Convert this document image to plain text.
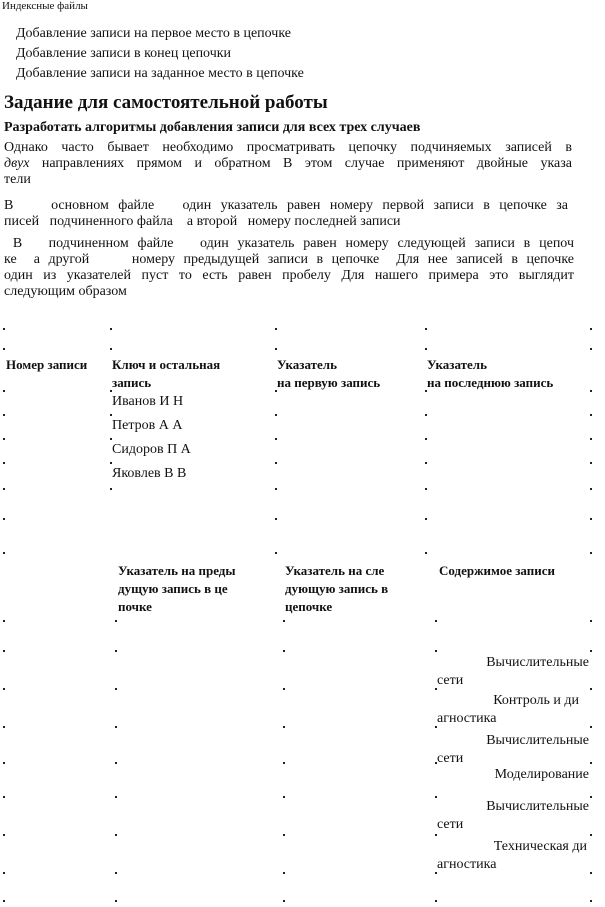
Индексные файлы
Добавление записи на первое место в цепочке
Добавление записи в конец цепочки
Добавление записи на заданное место в цепочке
Задание для самостоятельной работы
Разработать алгоритмы добавления записи для всех трех случаев
Однако часто бывает необходимо просматривать цепочку подчиняемых записей в
двух направлениях прямом и обратном В этом случае применяют двойные указа
тели
В    основном файле   один указатель равен номеру первой записи в цепочке за
писей   подчиненного файла    а второй   номеру последней записи
В   подчиненном файле   один указатель равен номеру следующей записи в цепоч
ке  а другой     номеру предыдущей записи в цепочке  Для нее записей в цепочке
один из указателей пуст то есть равен пробелу Для нашего примера это выглядит
следующим образом
Номер записи Ключ и остальная
запись
Указатель
на первую запись
Указатель
на последнюю запись
Иванов И Н
Петров А А
Сидоров П А
Яковлев В В
Указатель на преды
дущую запись в це
почке
Указатель на сле
дующую запись в
цепочке
Содержимое записи
Вычислительные
сети
Контроль и ди
агностика
Вычислительные
сети
Моделирование
Вычислительные
сети
Техническая ди
агностика
